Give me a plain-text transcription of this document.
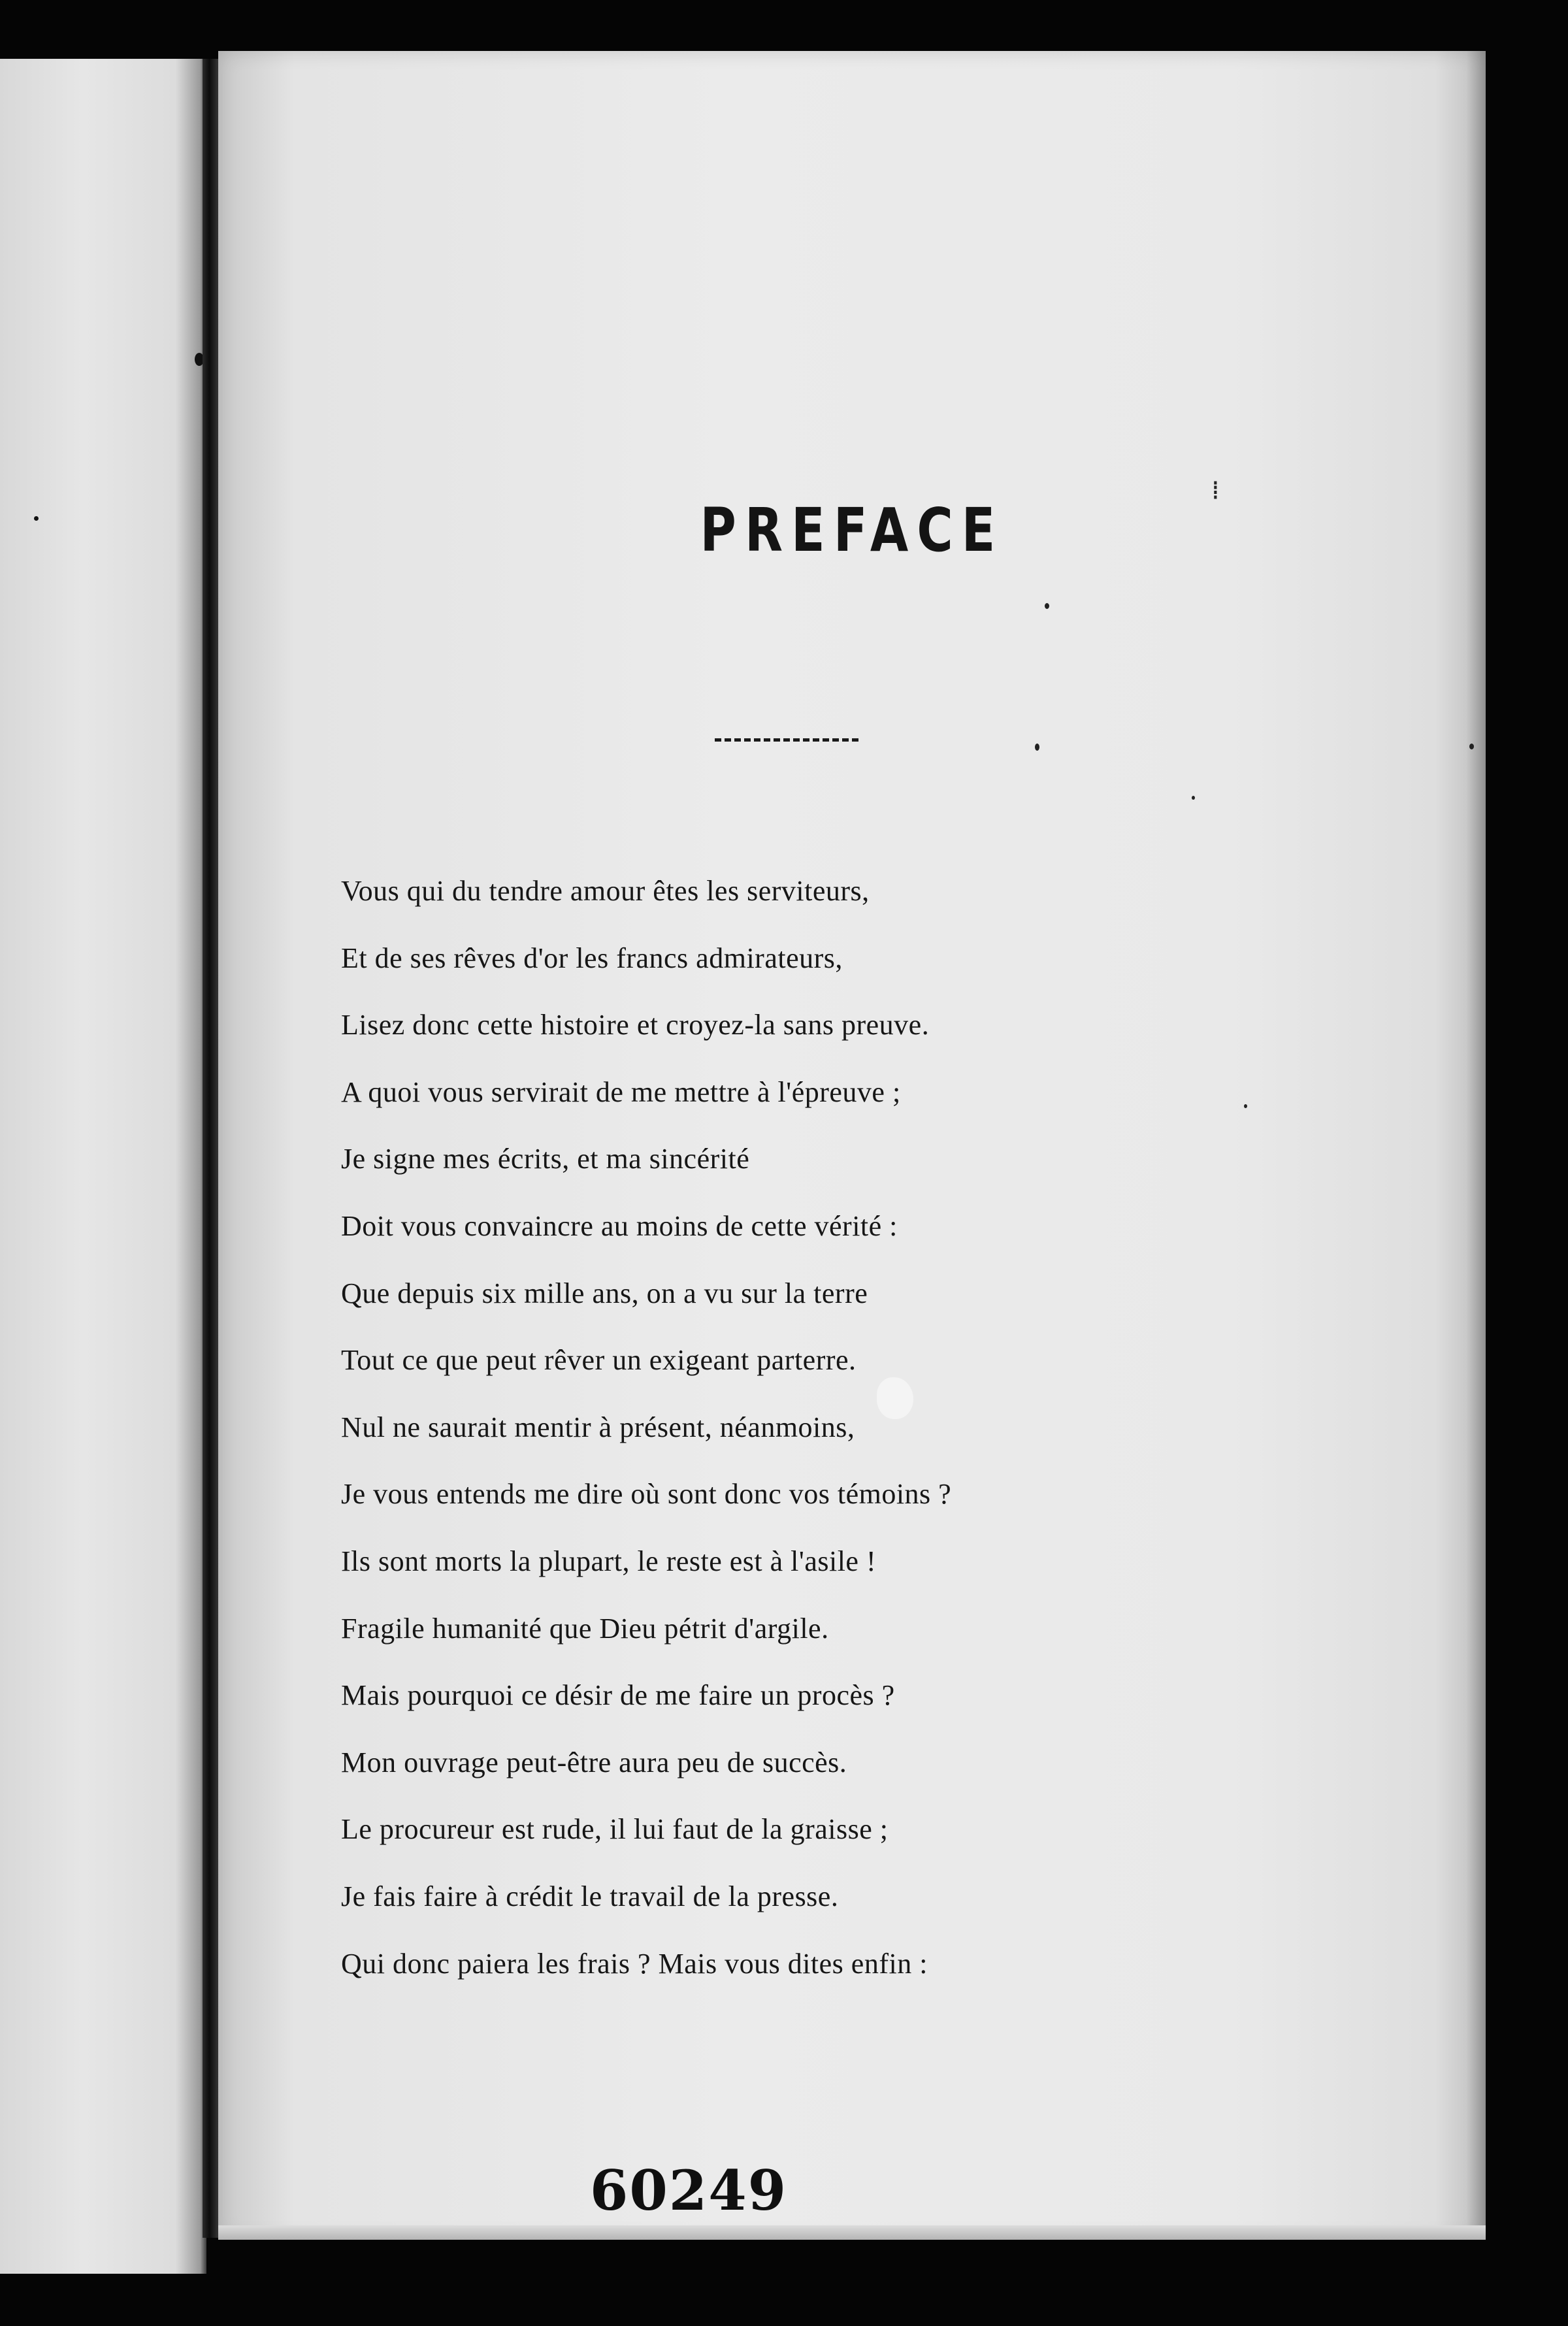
⁞
PREFACE
Vous qui du tendre amour êtes les serviteurs,
Et de ses rêves d'or les francs admirateurs,
Lisez donc cette histoire et croyez-la sans preuve.
A quoi vous servirait de me mettre à l'épreuve ;
Je signe mes écrits, et ma sincérité
Doit vous convaincre au moins de cette vérité :
Que depuis six mille ans, on a vu sur la terre
Tout ce que peut rêver un exigeant parterre.
Nul ne saurait mentir à présent, néanmoins,
Je vous entends me dire où sont donc vos témoins ?
Ils sont morts la plupart, le reste est à l'asile !
Fragile humanité que Dieu pétrit d'argile.
Mais pourquoi ce désir de me faire un procès ?
Mon ouvrage peut-être aura peu de succès.
Le procureur est rude, il lui faut de la graisse ;
Je fais faire à crédit le travail de la presse.
Qui donc paiera les frais ? Mais vous dites enfin :
60249
